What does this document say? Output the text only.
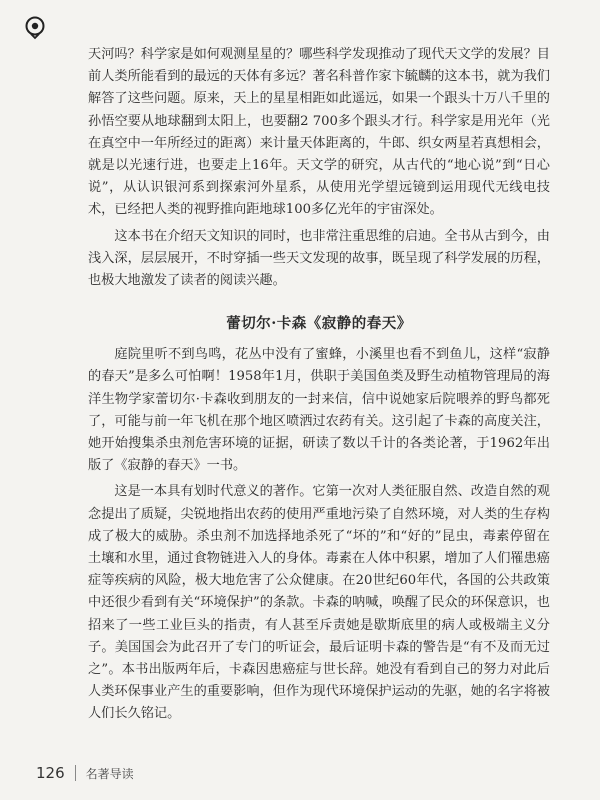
天河吗？科学家是如何观测星星的？哪些科学发现推动了现代天文学的发展？目前人类所能看到的最远的天体有多远？著名科普作家卞毓麟的这本书，就为我们解答了这些问题。原来，天上的星星相距如此遥远，如果一个跟头十万八千里的孙悟空要从地球翻到太阳上，也要翻2 700多个跟头才行。科学家是用光年（光在真空中一年所经过的距离）来计量天体距离的，牛郎、织女两星若真想相会，就是以光速行进，也要走上16年。天文学的研究，从古代的“地心说”到“日心说”，从认识银河系到探索河外星系，从使用光学望远镜到运用现代无线电技术，已经把人类的视野推向距地球100多亿光年的宇宙深处。

这本书在介绍天文知识的同时，也非常注重思维的启迪。全书从古到今，由浅入深，层层展开，不时穿插一些天文发现的故事，既呈现了科学发展的历程，也极大地激发了读者的阅读兴趣。

蕾切尔·卡森《寂静的春天》

庭院里听不到鸟鸣，花丛中没有了蜜蜂，小溪里也看不到鱼儿，这样“寂静的春天”是多么可怕啊！1958年1月，供职于美国鱼类及野生动植物管理局的海洋生物学家蕾切尔·卡森收到朋友的一封来信，信中说她家后院喂养的野鸟都死了，可能与前一年飞机在那个地区喷洒过农药有关。这引起了卡森的高度关注，她开始搜集杀虫剂危害环境的证据，研读了数以千计的各类论著，于1962年出版了《寂静的春天》一书。

这是一本具有划时代意义的著作。它第一次对人类征服自然、改造自然的观念提出了质疑，尖锐地指出农药的使用严重地污染了自然环境，对人类的生存构成了极大的威胁。杀虫剂不加选择地杀死了“坏的”和“好的”昆虫，毒素停留在土壤和水里，通过食物链进入人的身体。毒素在人体中积累，增加了人们罹患癌症等疾病的风险，极大地危害了公众健康。在20世纪60年代，各国的公共政策中还很少看到有关“环境保护”的条款。卡森的呐喊，唤醒了民众的环保意识，也招来了一些工业巨头的指责，有人甚至斥责她是歇斯底里的病人或极端主义分子。美国国会为此召开了专门的听证会，最后证明卡森的警告是“有不及而无过之”。本书出版两年后，卡森因患癌症与世长辞。她没有看到自己的努力对此后人类环保事业产生的重要影响，但作为现代环境保护运动的先驱，她的名字将被人们长久铭记。

126 名著导读
